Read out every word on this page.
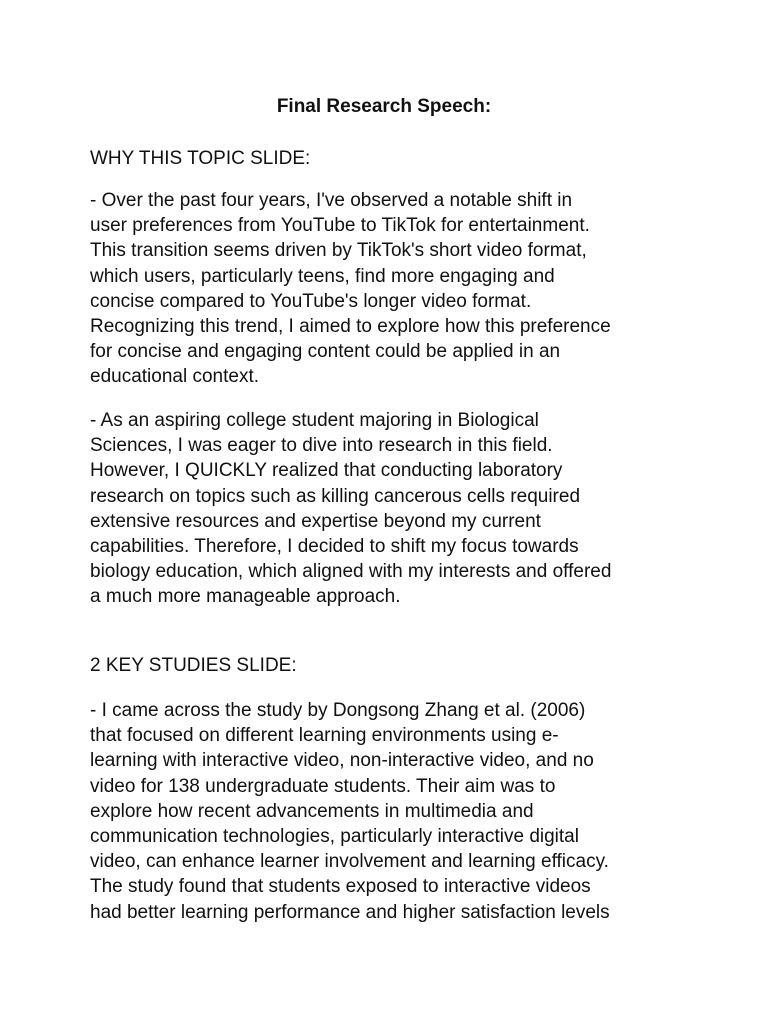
Final Research Speech:
WHY THIS TOPIC SLIDE:

- Over the past four years, I've observed a notable shift in
user preferences from YouTube to TikTok for entertainment.
This transition seems driven by TikTok's short video format,
which users, particularly teens, find more engaging and
concise compared to YouTube's longer video format.
Recognizing this trend, I aimed to explore how this preference
for concise and engaging content could be applied in an
educational context.

- As an aspiring college student majoring in Biological
Sciences, I was eager to dive into research in this field.
However, I QUICKLY realized that conducting laboratory
research on topics such as killing cancerous cells required
extensive resources and expertise beyond my current
capabilities. Therefore, I decided to shift my focus towards
biology education, which aligned with my interests and offered
a much more manageable approach.

2 KEY STUDIES SLIDE:

- I came across the study by Dongsong Zhang et al. (2006)
that focused on different learning environments using e-
learning with interactive video, non-interactive video, and no
video for 138 undergraduate students. Their aim was to
explore how recent advancements in multimedia and
communication technologies, particularly interactive digital
video, can enhance learner involvement and learning efficacy.
The study found that students exposed to interactive videos
had better learning performance and higher satisfaction levels
